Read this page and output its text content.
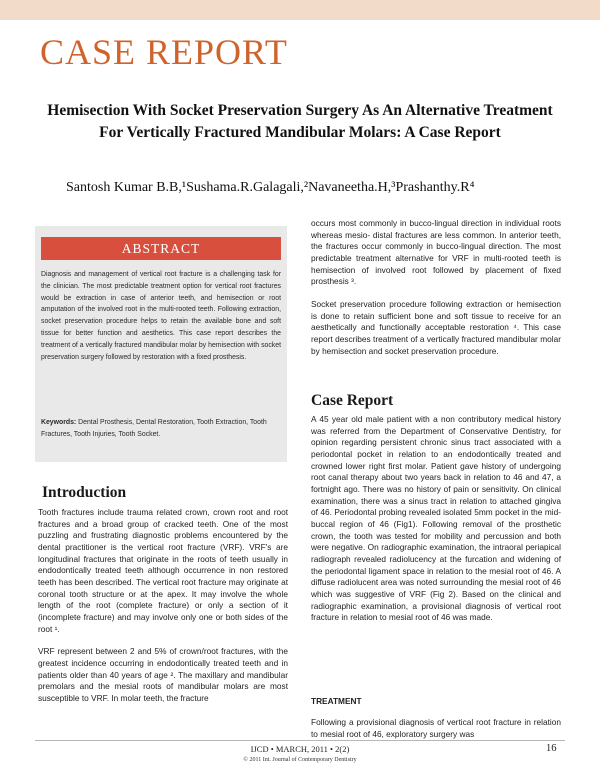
CASE REPORT
Hemisection With Socket Preservation Surgery As An Alternative Treatment For Vertically Fractured Mandibular Molars: A Case Report
Santosh Kumar B.B,¹Sushama.R.Galagali,²Navaneetha.H,³Prashanthy.R⁴
ABSTRACT
Diagnosis and management of vertical root fracture is a challenging task for the clinician. The most predictable treatment option for vertical root fractures would be extraction in case of anterior teeth, and hemisection or root amputation of the involved root in the multi-rooted teeth. Following extraction, socket preservation procedure helps to retain the available bone and soft tissue for better function and aesthetics. This case report describes the treatment of a vertically fractured mandibular molar by hemisection with socket preservation surgery followed by restoration with a fixed prosthesis.
Keywords: Dental Prosthesis, Dental Restoration, Tooth Extraction, Tooth Fractures, Tooth Injuries, Tooth Socket.
Introduction

Tooth fractures include trauma related crown, crown root and root fractures and a broad group of cracked teeth. One of the most puzzling and frustrating diagnostic problems encountered by the dental practitioner is the vertical root fracture (VRF). VRF's are longitudinal fractures that originate in the roots of teeth usually in endodontically treated teeth although occurrence in non restored teeth has been described. The vertical root fracture may originate at coronal tooth structure or at the apex. It may involve the whole length of the root (complete fracture) or only a section of it (incomplete fracture) and may involve only one or both sides of the root ¹.

VRF represent between 2 and 5% of crown/root fractures, with the greatest incidence occurring in endodontically treated teeth and in patients older than 40 years of age ². The maxillary and mandibular premolars and the mesial roots of mandibular molars are most susceptible to VRF. In molar teeth, the fracture

occurs most commonly in bucco-lingual direction in individual roots whereas mesio- distal fractures are less common. In anterior teeth, the fractures occur commonly in bucco-lingual direction. The most predictable treatment alternative for VRF in multi-rooted teeth is hemisection of involved root followed by placement of fixed prosthesis ³.

Socket preservation procedure following extraction or hemisection is done to retain sufficient bone and soft tissue to receive for an aesthetically and functionally acceptable restoration ⁴. This case report describes treatment of a vertically fractured mandibular molar by hemisection and socket preservation procedure.

Case Report
A 45 year old male patient with a non contributory medical history was referred from the Department of Conservative Dentistry, for opinion regarding persistent chronic sinus tract associated with a periodontal pocket in relation to an endodontically treated and crowned lower right first molar. Patient gave history of undergoing root canal therapy about two years back in relation to 46 and 47, a fortnight ago. There was no history of pain or sensitivity. On clinical examination, there was a sinus tract in relation to attached gingiva of 46. Periodontal probing revealed isolated 5mm pocket in the mid-buccal region of 46 (Fig1). Following removal of the prosthetic crown, the tooth was tested for mobility and percussion and both were negative. On radiographic examination, the intraoral periapical radiograph revealed radiolucency at the furcation and widening of the periodontal ligament space in relation to the mesial root of 46. A diffuse radiolucent area was noted surrounding the mesial root of 46 which was suggestive of VRF (Fig 2). Based on the clinical and radiographic examination, a provisional diagnosis of vertical root fracture in relation to mesial root of 46 was made.
TREATMENT
Following a provisional diagnosis of vertical root fracture in relation to mesial root of 46, exploratory surgery was
IJCD • MARCH, 2011 • 2(2)
© 2011 Int. Journal of Contemporary Dentistry
16
